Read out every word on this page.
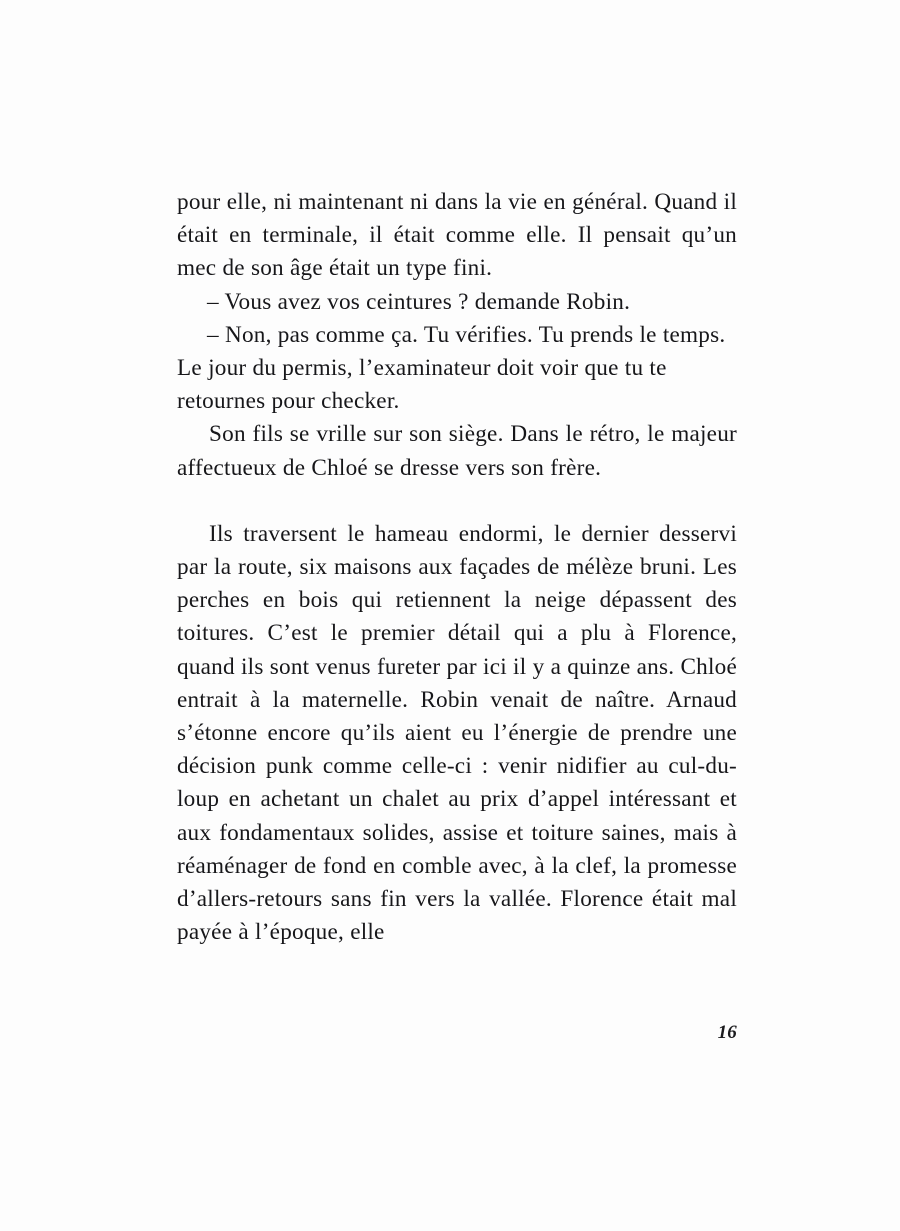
pour elle, ni maintenant ni dans la vie en général. Quand il était en terminale, il était comme elle. Il pensait qu’un mec de son âge était un type fini.

– Vous avez vos ceintures ? demande Robin.

– Non, pas comme ça. Tu vérifies. Tu prends le temps. Le jour du permis, l’examinateur doit voir que tu te retournes pour checker.

Son fils se vrille sur son siège. Dans le rétro, le majeur affectueux de Chloé se dresse vers son frère.

Ils traversent le hameau endormi, le dernier desservi par la route, six maisons aux façades de mélèze bruni. Les perches en bois qui retiennent la neige dépassent des toitures. C’est le premier détail qui a plu à Florence, quand ils sont venus fureter par ici il y a quinze ans. Chloé entrait à la maternelle. Robin venait de naître. Arnaud s’étonne encore qu’ils aient eu l’énergie de prendre une décision punk comme celle-ci : venir nidifier au cul-du-loup en achetant un chalet au prix d’appel intéressant et aux fondamentaux solides, assise et toiture saines, mais à réaménager de fond en comble avec, à la clef, la promesse d’allers-retours sans fin vers la vallée. Florence était mal payée à l’époque, elle

16
